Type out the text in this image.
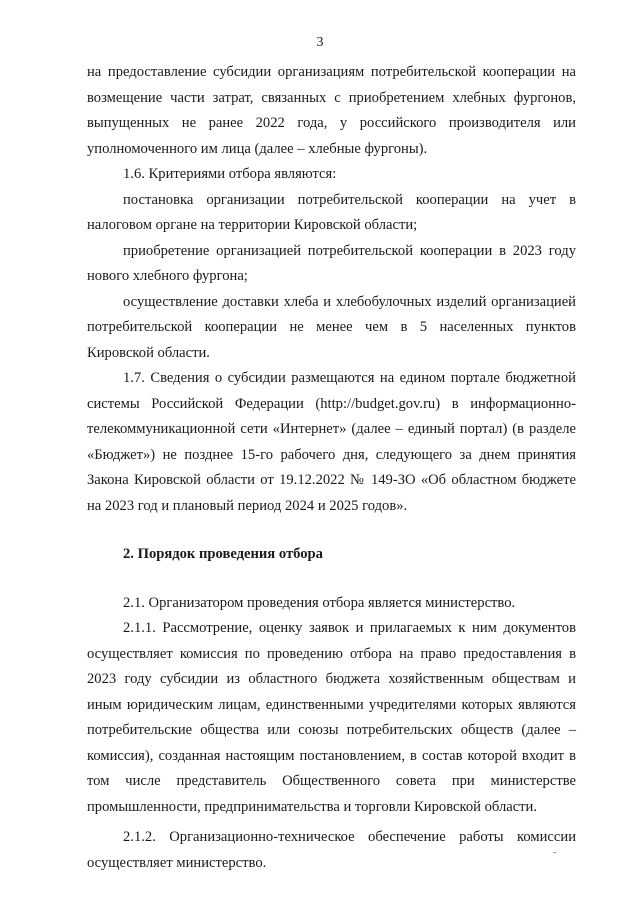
3

на предоставление субсидии организациям потребительской кооперации на возмещение части затрат, связанных с приобретением хлебных фургонов, выпущенных не ранее 2022 года, у российского производителя или уполномоченного им лица (далее – хлебные фургоны).

1.6. Критериями отбора являются:

постановка организации потребительской кооперации на учет в налоговом органе на территории Кировской области;

приобретение организацией потребительской кооперации в 2023 году нового хлебного фургона;

осуществление доставки хлеба и хлебобулочных изделий организацией потребительской кооперации не менее чем в 5 населенных пунктов Кировской области.

1.7. Сведения о субсидии размещаются на едином портале бюджетной системы Российской Федерации (http://budget.gov.ru) в информационно-телекоммуникационной сети «Интернет» (далее – единый портал) (в разделе «Бюджет») не позднее 15-го рабочего дня, следующего за днем принятия Закона Кировской области от 19.12.2022 № 149-ЗО «Об областном бюджете на 2023 год и плановый период 2024 и 2025 годов».

2. Порядок проведения отбора

2.1. Организатором проведения отбора является министерство.

2.1.1. Рассмотрение, оценку заявок и прилагаемых к ним документов осуществляет комиссия по проведению отбора на право предоставления в 2023 году субсидии из областного бюджета хозяйственным обществам и иным юридическим лицам, единственными учредителями которых являются потребительские общества или союзы потребительских обществ (далее – комиссия), созданная настоящим постановлением, в состав которой входит в том числе представитель Общественного совета при министерстве промышленности, предпринимательства и торговли Кировской области.

2.1.2. Организационно-техническое обеспечение работы комиссии осуществляет министерство.
